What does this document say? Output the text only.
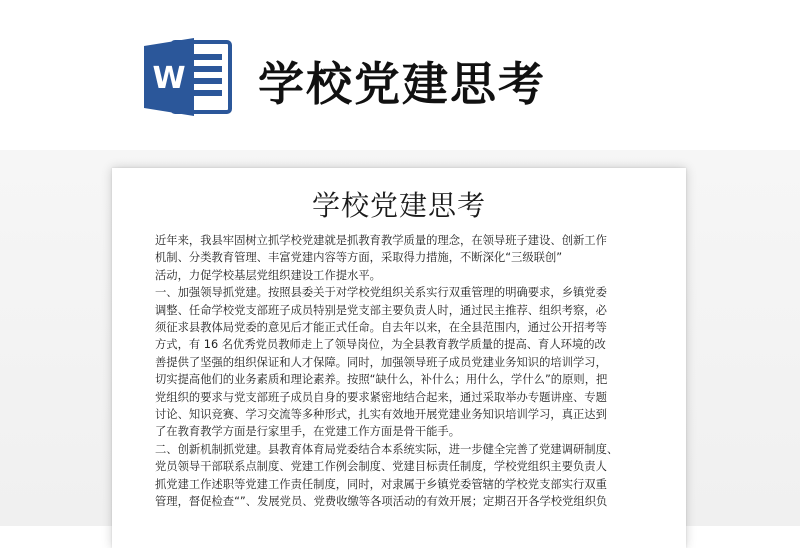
W 学校党建思考
学校党建思考
近年来，我县牢固树立抓学校党建就是抓教育教学质量的理念，在领导班子建设、创新工作
机制、分类教育管理、丰富党建内容等方面，采取得力措施，不断深化“三级联创”
活动，力促学校基层党组织建设工作提水平。
一、加强领导抓党建。按照县委关于对学校党组织关系实行双重管理的明确要求，乡镇党委
调整、任命学校党支部班子成员特别是党支部主要负责人时，通过民主推荐、组织考察，必
须征求县教体局党委的意见后才能正式任命。自去年以来，在全县范围内，通过公开招考等
方式，有 16 名优秀党员教师走上了领导岗位，为全县教育教学质量的提高、育人环境的改
善提供了坚强的组织保证和人才保障。同时，加强领导班子成员党建业务知识的培训学习，
切实提高他们的业务素质和理论素养。按照“缺什么，补什么；用什么，学什么”的原则，把
党组织的要求与党支部班子成员自身的要求紧密地结合起来，通过采取举办专题讲座、专题
讨论、知识竞赛、学习交流等多种形式，扎实有效地开展党建业务知识培训学习，真正达到
了在教育教学方面是行家里手，在党建工作方面是骨干能手。
二、创新机制抓党建。县教育体育局党委结合本系统实际，进一步健全完善了党建调研制度、
党员领导干部联系点制度、党建工作例会制度、党建目标责任制度，学校党组织主要负责人
抓党建工作述职等党建工作责任制度，同时，对隶属于乡镇党委管辖的学校党支部实行双重
管理，督促检查“”、发展党员、党费收缴等各项活动的有效开展；定期召开各学校党组织负
